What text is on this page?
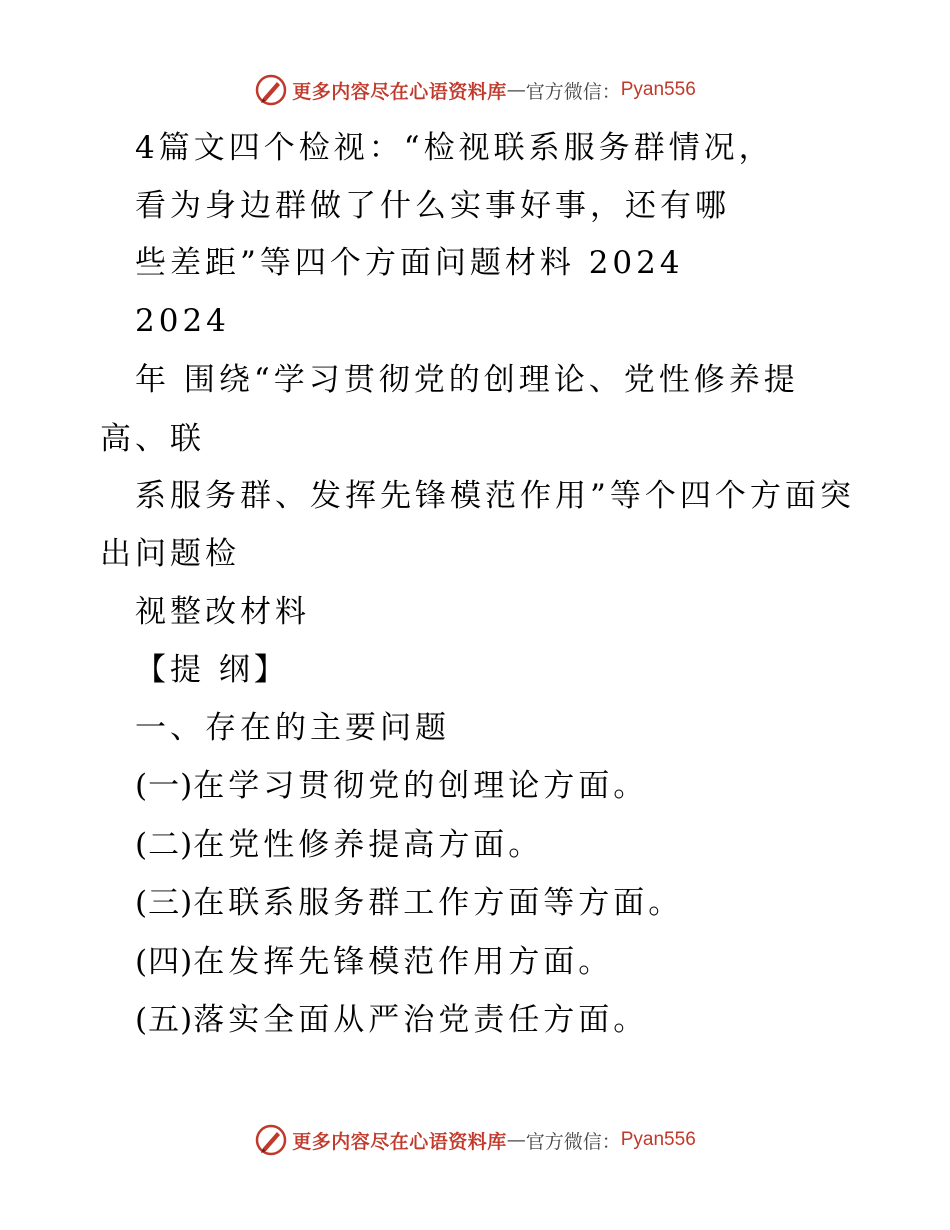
更多内容尽在心语资料库 — 官方微信： Pyan556
4篇文四个检视：“检视联系服务群情况，
看为身边群做了什么实事好事，还有哪
些差距”等四个方面问题材料 2024
2024
年 围绕“学习贯彻党的创理论、党性修养提
高、联
系服务群、发挥先锋模范作用”等个四个方面突
出问题检
视整改材料
【提 纲】
一、存在的主要问题
(一)在学习贯彻党的创理论方面。
(二)在党性修养提高方面。
(三)在联系服务群工作方面等方面。
(四)在发挥先锋模范作用方面。
(五)落实全面从严治党责任方面。
更多内容尽在心语资料库 — 官方微信： Pyan556
